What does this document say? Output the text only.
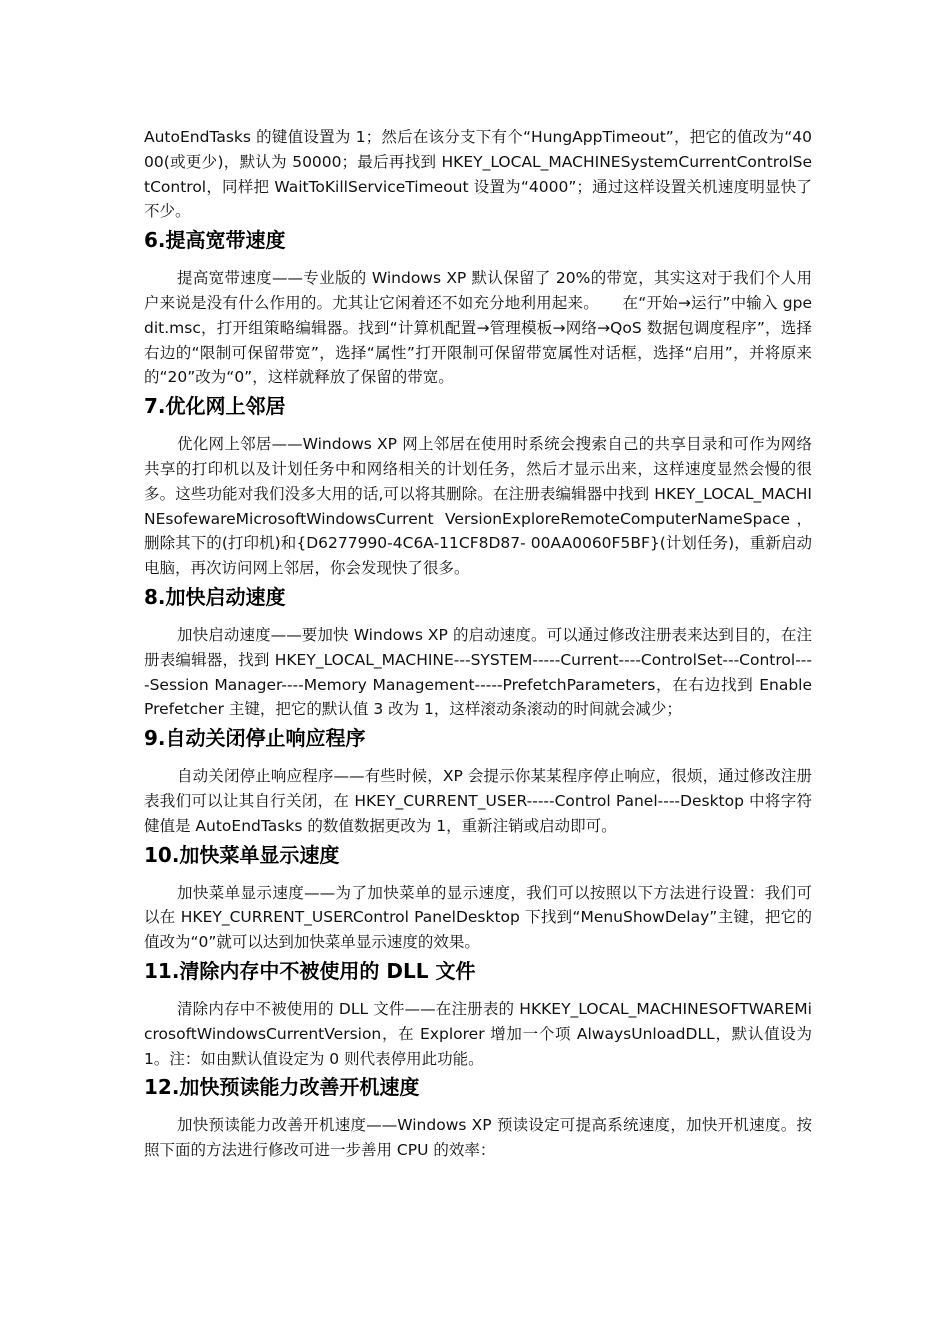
AutoEndTasks 的键值设置为 1；然后在该分支下有个“HungAppTimeout”，把它的值改为“4000(或更少)，默认为 50000；最后再找到 HKEY_LOCAL_MACHINESystemCurrentControlSetControl，同样把 WaitToKillServiceTimeout 设置为“4000”；通过这样设置关机速度明显快了不少。

6.提高宽带速度

提高宽带速度——专业版的 Windows XP 默认保留了 20%的带宽，其实这对于我们个人用户来说是没有什么作用的。尤其让它闲着还不如充分地利用起来。　　在“开始→运行”中输入 gpedit.msc，打开组策略编辑器。找到“计算机配置→管理模板→网络→QoS 数据包调度程序”，选择右边的“限制可保留带宽”，选择“属性”打开限制可保留带宽属性对话框，选择“启用”，并将原来的“20”改为“0”，这样就释放了保留的带宽。

7.优化网上邻居

优化网上邻居——Windows XP 网上邻居在使用时系统会搜索自己的共享目录和可作为网络共享的打印机以及计划任务中和网络相关的计划任务，然后才显示出来，这样速度显然会慢的很多。这些功能对我们没多大用的话,可以将其删除。在注册表编辑器中找到 HKEY_LOCAL_MACHINEsofewareMicrosoftWindowsCurrent VersionExploreRemoteComputerNameSpace，删除其下的(打印机)和{D6277990-4C6A-11CF8D87- 00AA0060F5BF}(计划任务)，重新启动电脑，再次访问网上邻居，你会发现快了很多。

8.加快启动速度

加快启动速度——要加快 Windows XP 的启动速度。可以通过修改注册表来达到目的，在注册表编辑器，找到 HKEY_LOCAL_MACHINE---SYSTEM-----Current----ControlSet---Control----Session Manager----Memory Management-----PrefetchParameters，在右边找到 EnablePrefetcher 主键，把它的默认值 3 改为 1，这样滚动条滚动的时间就会减少；

9.自动关闭停止响应程序

自动关闭停止响应程序——有些时候，XP 会提示你某某程序停止响应，很烦，通过修改注册表我们可以让其自行关闭，在 HKEY_CURRENT_USER-----Control Panel----Desktop 中将字符健值是 AutoEndTasks 的数值数据更改为 1，重新注销或启动即可。

10.加快菜单显示速度

加快菜单显示速度——为了加快菜单的显示速度，我们可以按照以下方法进行设置：我们可以在 HKEY_CURRENT_USERControl PanelDesktop 下找到“MenuShowDelay”主键，把它的值改为“0”就可以达到加快菜单显示速度的效果。

11.清除内存中不被使用的 DLL 文件

清除内存中不被使用的 DLL 文件——在注册表的 HKKEY_LOCAL_MACHINESOFTWAREMicrosoftWindowsCurrentVersion，在 Explorer 增加一个项 AlwaysUnloadDLL，默认值设为 1。注：如由默认值设定为 0 则代表停用此功能。

12.加快预读能力改善开机速度

加快预读能力改善开机速度——Windows XP 预读设定可提高系统速度，加快开机速度。按照下面的方法进行修改可进一步善用 CPU 的效率：
